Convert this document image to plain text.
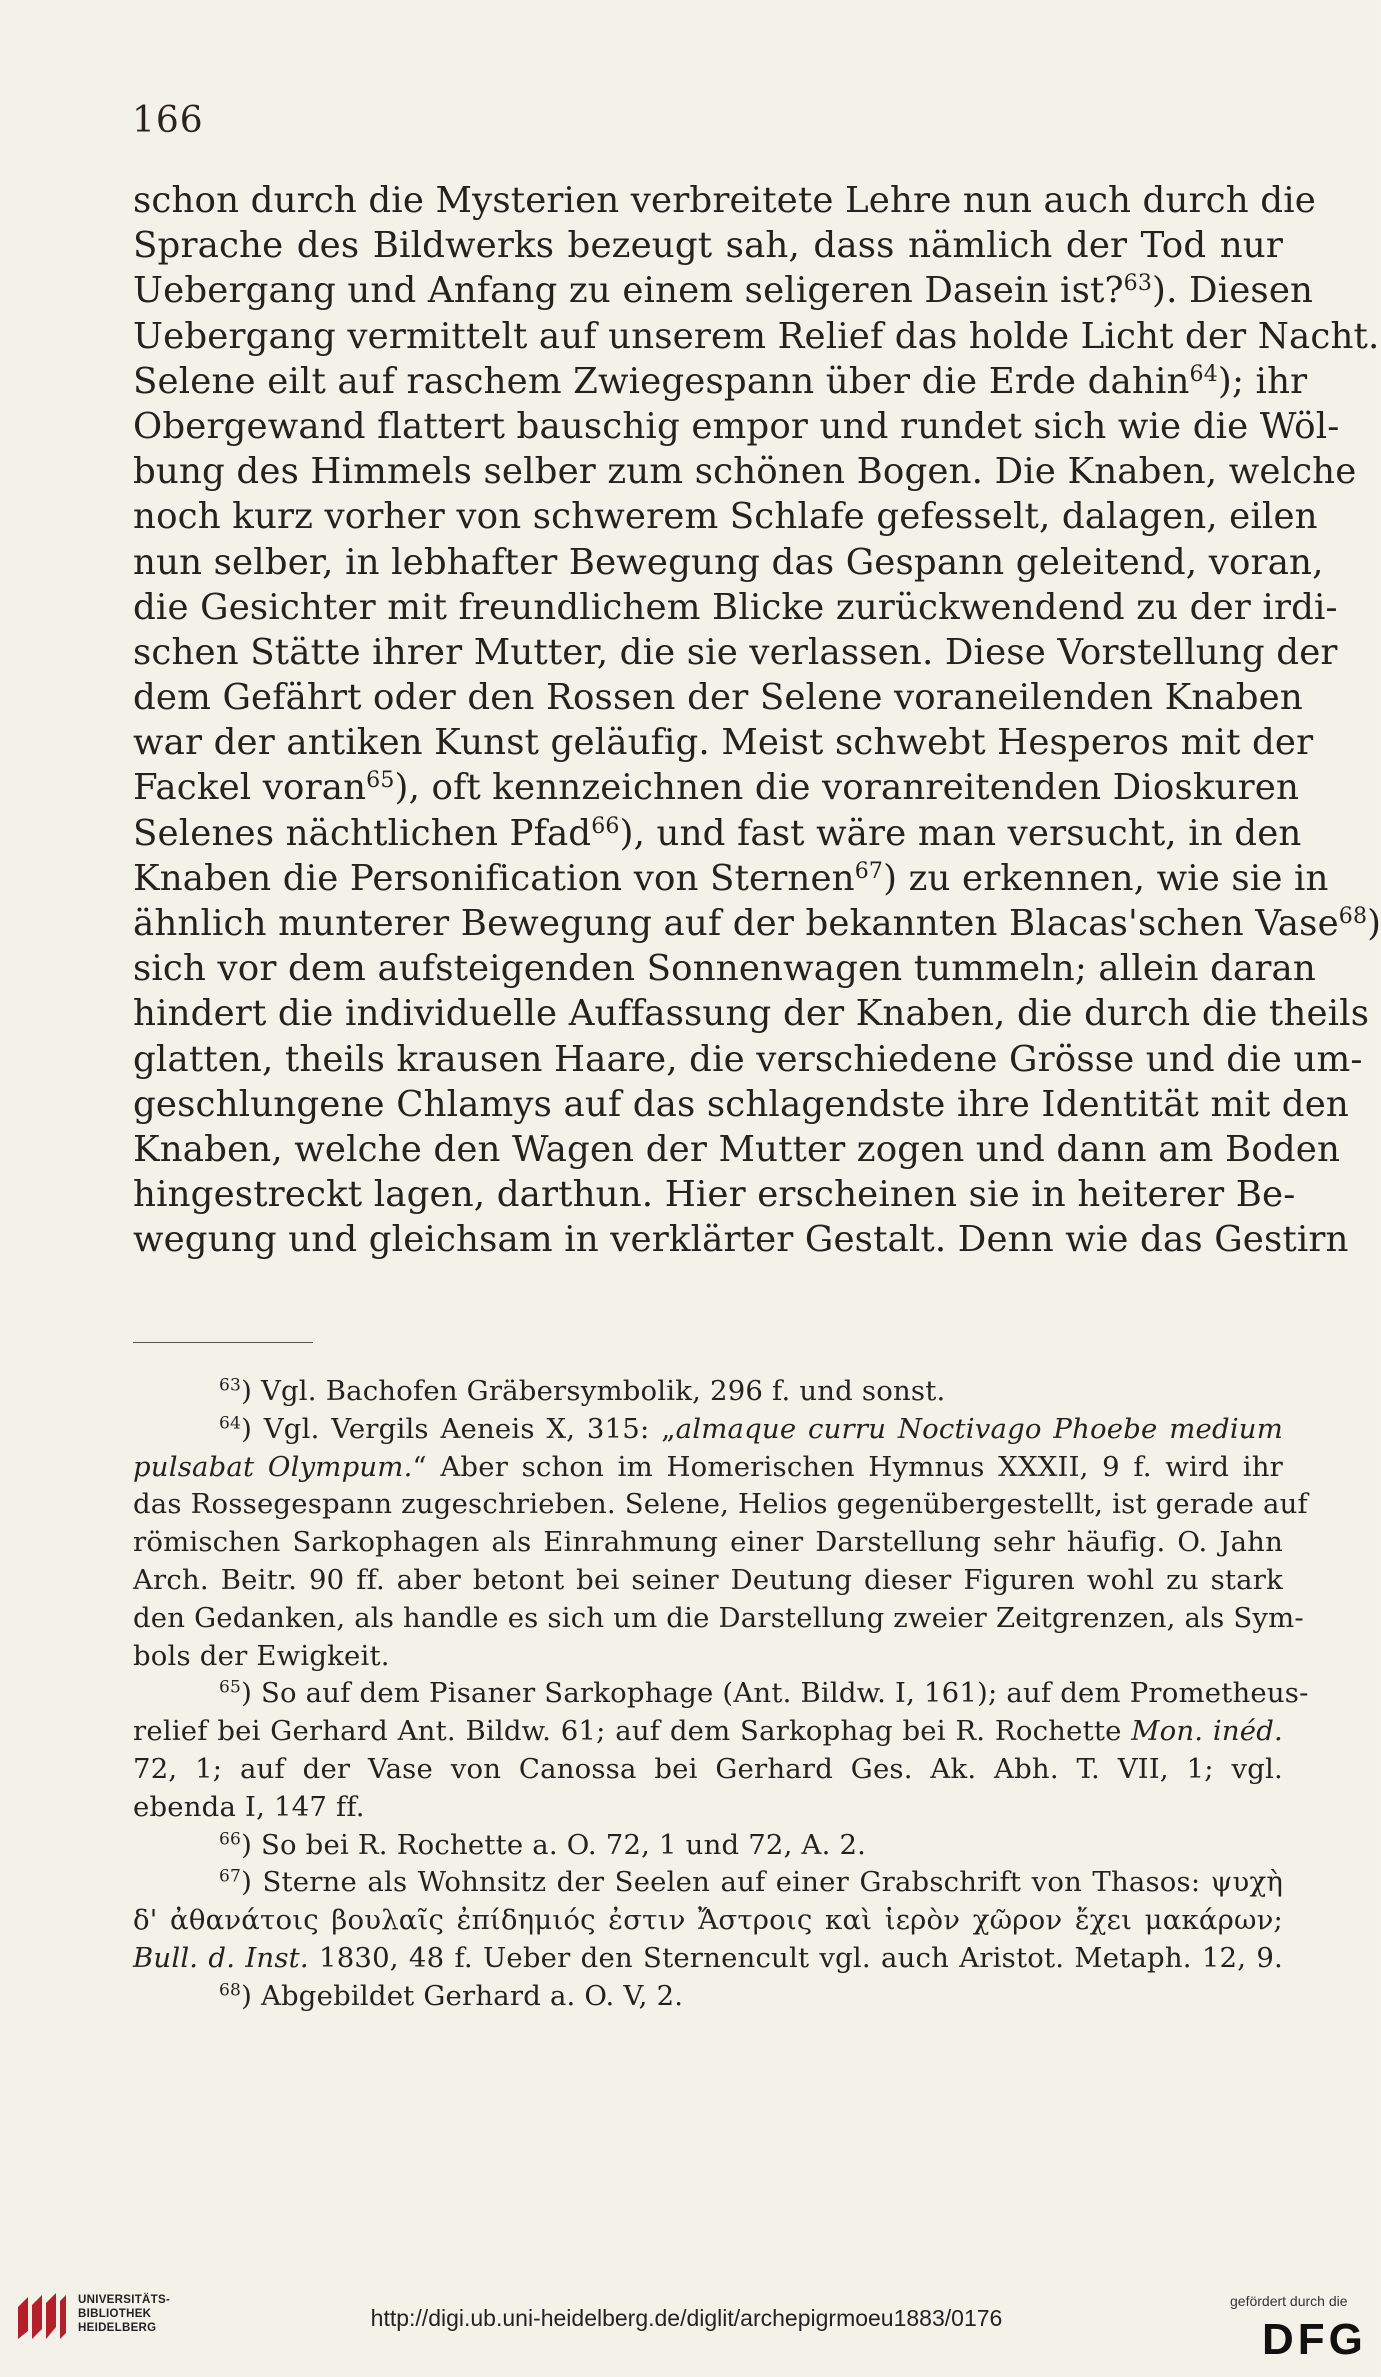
166
schon durch die Mysterien verbreitete Lehre nun auch durch die
Sprache des Bildwerks bezeugt sah, dass nämlich der Tod nur
Uebergang und Anfang zu einem seligeren Dasein ist?$^{63}$). Diesen
Uebergang vermittelt auf unserem Relief das holde Licht der Nacht.
Selene eilt auf raschem Zwiegespann über die Erde dahin$^{64}$); ihr
Obergewand flattert bauschig empor und rundet sich wie die Wöl-
bung des Himmels selber zum schönen Bogen. Die Knaben, welche
noch kurz vorher von schwerem Schlafe gefesselt, dalagen, eilen
nun selber, in lebhafter Bewegung das Gespann geleitend, voran,
die Gesichter mit freundlichem Blicke zurückwendend zu der irdi-
schen Stätte ihrer Mutter, die sie verlassen. Diese Vorstellung der
dem Gefährt oder den Rossen der Selene voraneilenden Knaben
war der antiken Kunst geläufig. Meist schwebt Hesperos mit der
Fackel voran$^{65}$), oft kennzeichnen die voranreitenden Dioskuren
Selenes nächtlichen Pfad$^{66}$), und fast wäre man versucht, in den
Knaben die Personification von Sternen$^{67}$) zu erkennen, wie sie in
ähnlich munterer Bewegung auf der bekannten Blacas'schen Vase$^{68}$)
sich vor dem aufsteigenden Sonnenwagen tummeln; allein daran
hindert die individuelle Auffassung der Knaben, die durch die theils
glatten, theils krausen Haare, die verschiedene Grösse und die um-
geschlungene Chlamys auf das schlagendste ihre Identität mit den
Knaben, welche den Wagen der Mutter zogen und dann am Boden
hingestreckt lagen, darthun. Hier erscheinen sie in heiterer Be-
wegung und gleichsam in verklärter Gestalt. Denn wie das Gestirn
$^{63}$) Vgl. Bachofen Gräbersymbolik, 296 f. und sonst.
$^{64}$) Vgl. Vergils Aeneis X, 315: „almaque curru Noctivago Phoebe medium
pulsabat Olympum.“ Aber schon im Homerischen Hymnus XXXII, 9 f. wird ihr
das Rossegespann zugeschrieben. Selene, Helios gegenübergestellt, ist gerade auf
römischen Sarkophagen als Einrahmung einer Darstellung sehr häufig. O. Jahn
Arch. Beitr. 90 ff. aber betont bei seiner Deutung dieser Figuren wohl zu stark
den Gedanken, als handle es sich um die Darstellung zweier Zeitgrenzen, als Sym-
bols der Ewigkeit.
$^{65}$) So auf dem Pisaner Sarkophage (Ant. Bildw. I, 161); auf dem Prometheus-
relief bei Gerhard Ant. Bildw. 61; auf dem Sarkophag bei R. Rochette Mon. inéd.
72, 1; auf der Vase von Canossa bei Gerhard Ges. Ak. Abh. T. VII, 1; vgl.
ebenda I, 147 ff.
$^{66}$) So bei R. Rochette a. O. 72, 1 und 72, A. 2.
$^{67}$) Sterne als Wohnsitz der Seelen auf einer Grabschrift von Thasos: ψυχὴ
δ' ἀθανάτοις βουλαῖς ἐπίδημιός ἐστιν Ἄστροις καὶ ἱερὸν χῶρον ἔχει μακάρων;
Bull. d. Inst. 1830, 48 f. Ueber den Sternencult vgl. auch Aristot. Metaph. 12, 9.
$^{68}$) Abgebildet Gerhard a. O. V, 2.
UNIVERSITÄTS-
BIBLIOTHEK
HEIDELBERG	http://digi.ub.uni-heidelberg.de/diglit/archepigrmoeu1883/0176
gefördert durch die
DFG
